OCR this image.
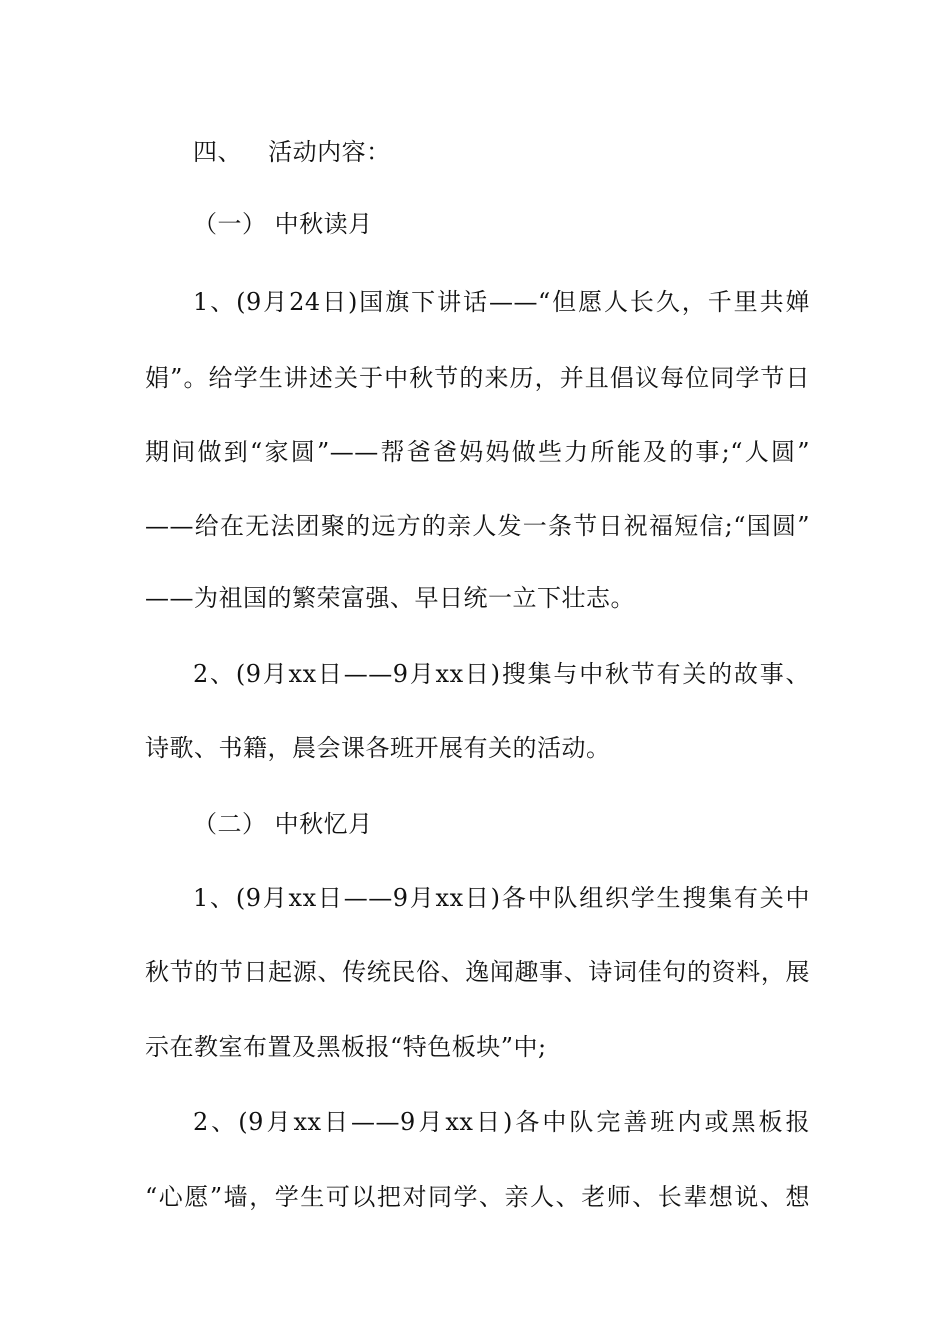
四、 活动内容：
（一） 中秋读月
1、(9月24日)国旗下讲话——“但愿人长久，千里共婵
娟”。给学生讲述关于中秋节的来历，并且倡议每位同学节日
期间做到“家圆”——帮爸爸妈妈做些力所能及的事;“人圆”
——给在无法团聚的远方的亲人发一条节日祝福短信;“国圆”
——为祖国的繁荣富强、早日统一立下壮志。
2、(9月xx日——9月xx日)搜集与中秋节有关的故事、
诗歌、书籍，晨会课各班开展有关的活动。
（二） 中秋忆月
1、(9月xx日——9月xx日)各中队组织学生搜集有关中
秋节的节日起源、传统民俗、逸闻趣事、诗词佳句的资料，展
示在教室布置及黑板报“特色板块”中;
2、(9月xx日——9月xx日)各中队完善班内或黑板报
“心愿”墙，学生可以把对同学、亲人、老师、长辈想说、想
